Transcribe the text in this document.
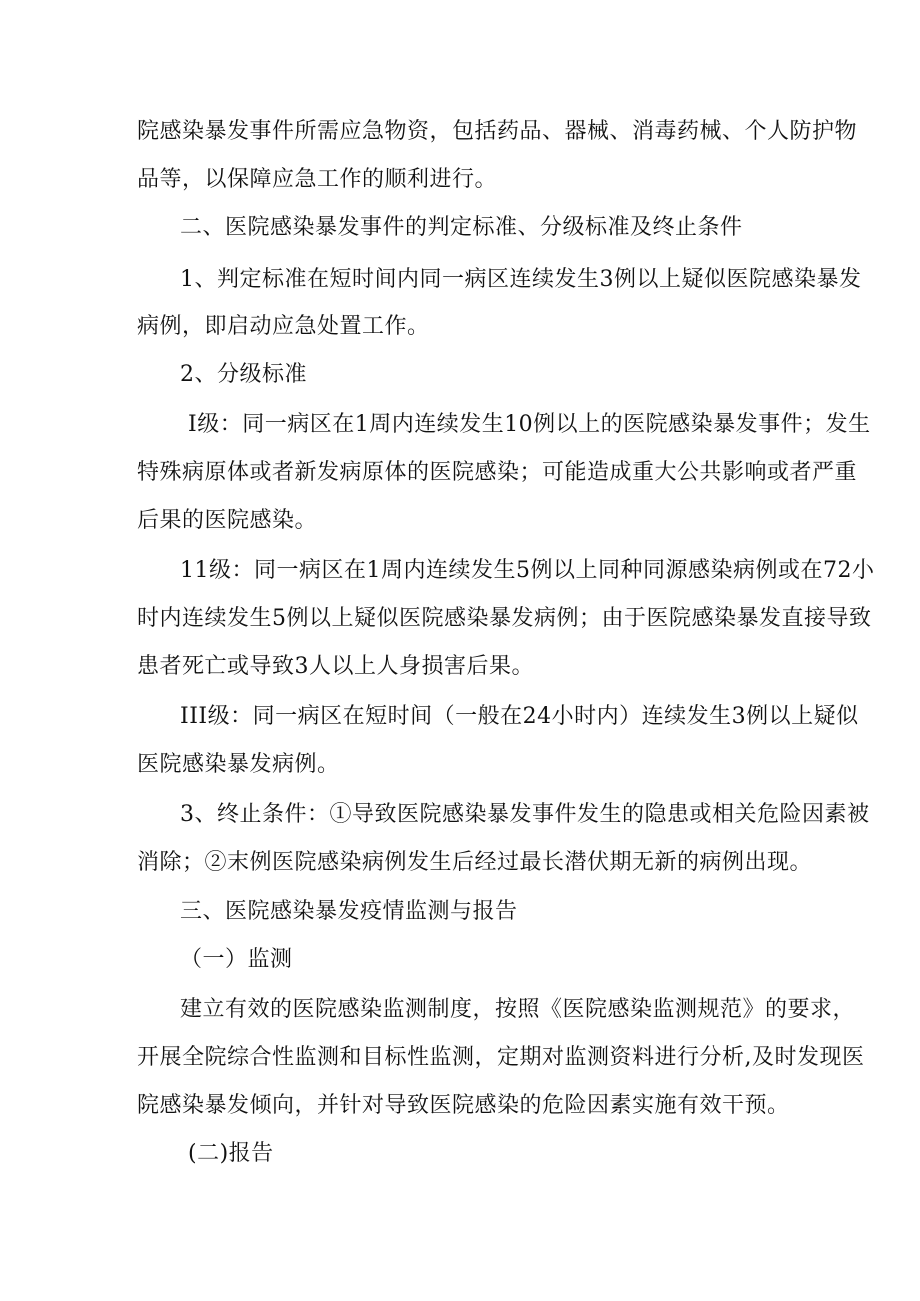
院感染暴发事件所需应急物资，包括药品、器械、消毒药械、个人防护物
品等，以保障应急工作的顺利进行。
二、医院感染暴发事件的判定标准、分级标准及终止条件
1、判定标准在短时间内同一病区连续发生3例以上疑似医院感染暴发
病例，即启动应急处置工作。
2、分级标准
I级：同一病区在1周内连续发生10例以上的医院感染暴发事件；发生
特殊病原体或者新发病原体的医院感染；可能造成重大公共影响或者严重
后果的医院感染。
11级：同一病区在1周内连续发生5例以上同种同源感染病例或在72小
时内连续发生5例以上疑似医院感染暴发病例；由于医院感染暴发直接导致
患者死亡或导致3人以上人身损害后果。
III级：同一病区在短时间（一般在24小时内）连续发生3例以上疑似
医院感染暴发病例。
3、终止条件：①导致医院感染暴发事件发生的隐患或相关危险因素被
消除；②末例医院感染病例发生后经过最长潜伏期无新的病例出现。
三、医院感染暴发疫情监测与报告
（一）监测
建立有效的医院感染监测制度，按照《医院感染监测规范》的要求，
开展全院综合性监测和目标性监测，定期对监测资料进行分析,及时发现医
院感染暴发倾向，并针对导致医院感染的危险因素实施有效干预。
(二)报告
